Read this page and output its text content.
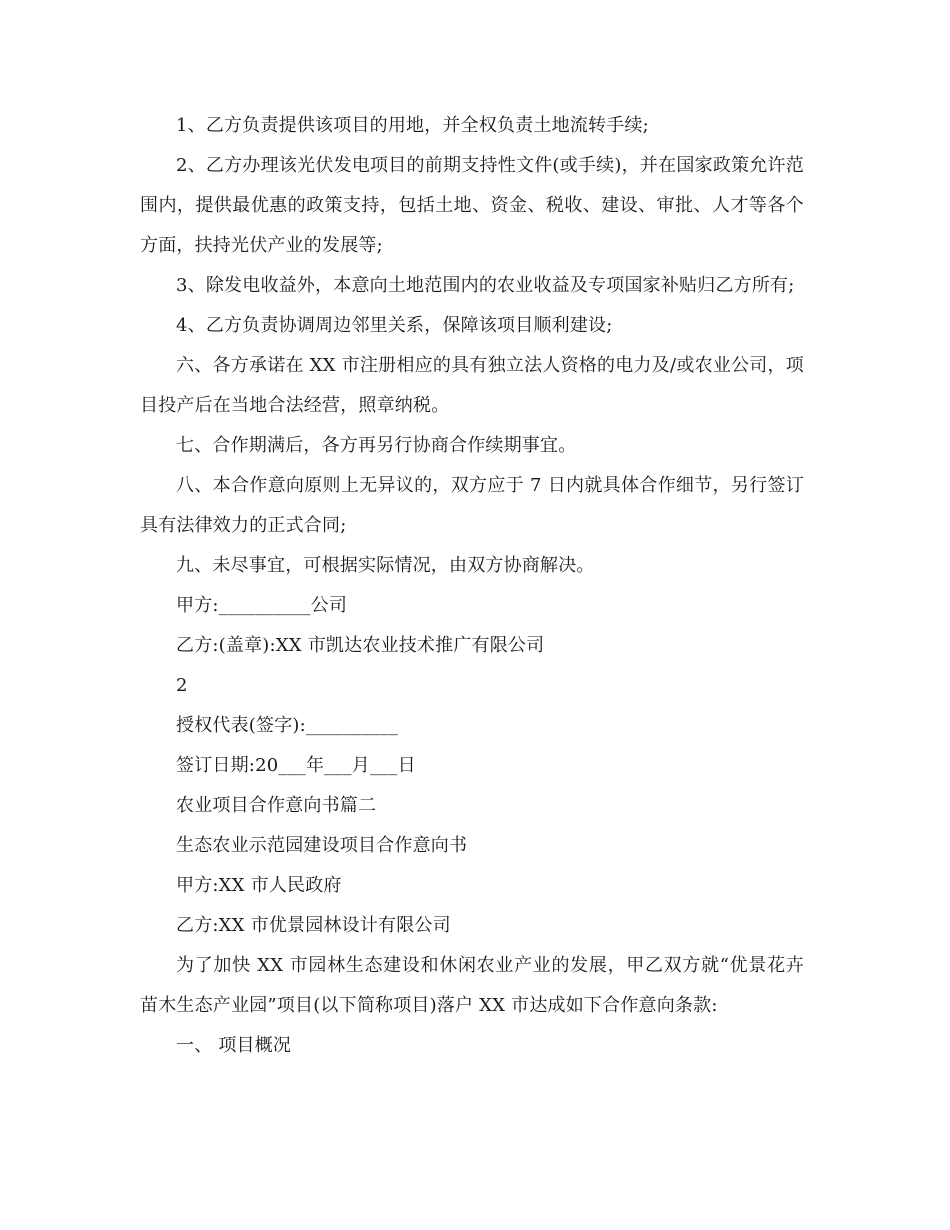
1、乙方负责提供该项目的用地，并全权负责土地流转手续;

2、乙方办理该光伏发电项目的前期支持性文件(或手续)，并在国家政策允许范围内，提供最优惠的政策支持，包括土地、资金、税收、建设、审批、人才等各个方面，扶持光伏产业的发展等;

3、除发电收益外，本意向土地范围内的农业收益及专项国家补贴归乙方所有;

4、乙方负责协调周边邻里关系，保障该项目顺利建设;

六、各方承诺在 XX 市注册相应的具有独立法人资格的电力及/或农业公司，项目投产后在当地合法经营，照章纳税。

七、合作期满后，各方再另行协商合作续期事宜。

八、本合作意向原则上无异议的，双方应于 7 日内就具体合作细节，另行签订具有法律效力的正式合同;

九、未尽事宜，可根据实际情况，由双方协商解决。

甲方:__________公司

乙方:(盖章):XX 市凯达农业技术推广有限公司

2

授权代表(签字):__________

签订日期:20___年___月___日

农业项目合作意向书篇二

生态农业示范园建设项目合作意向书

甲方:XX 市人民政府

乙方:XX 市优景园林设计有限公司

为了加快 XX 市园林生态建设和休闲农业产业的发展，甲乙双方就“优景花卉苗木生态产业园”项目(以下简称项目)落户 XX 市达成如下合作意向条款:

一、 项目概况
